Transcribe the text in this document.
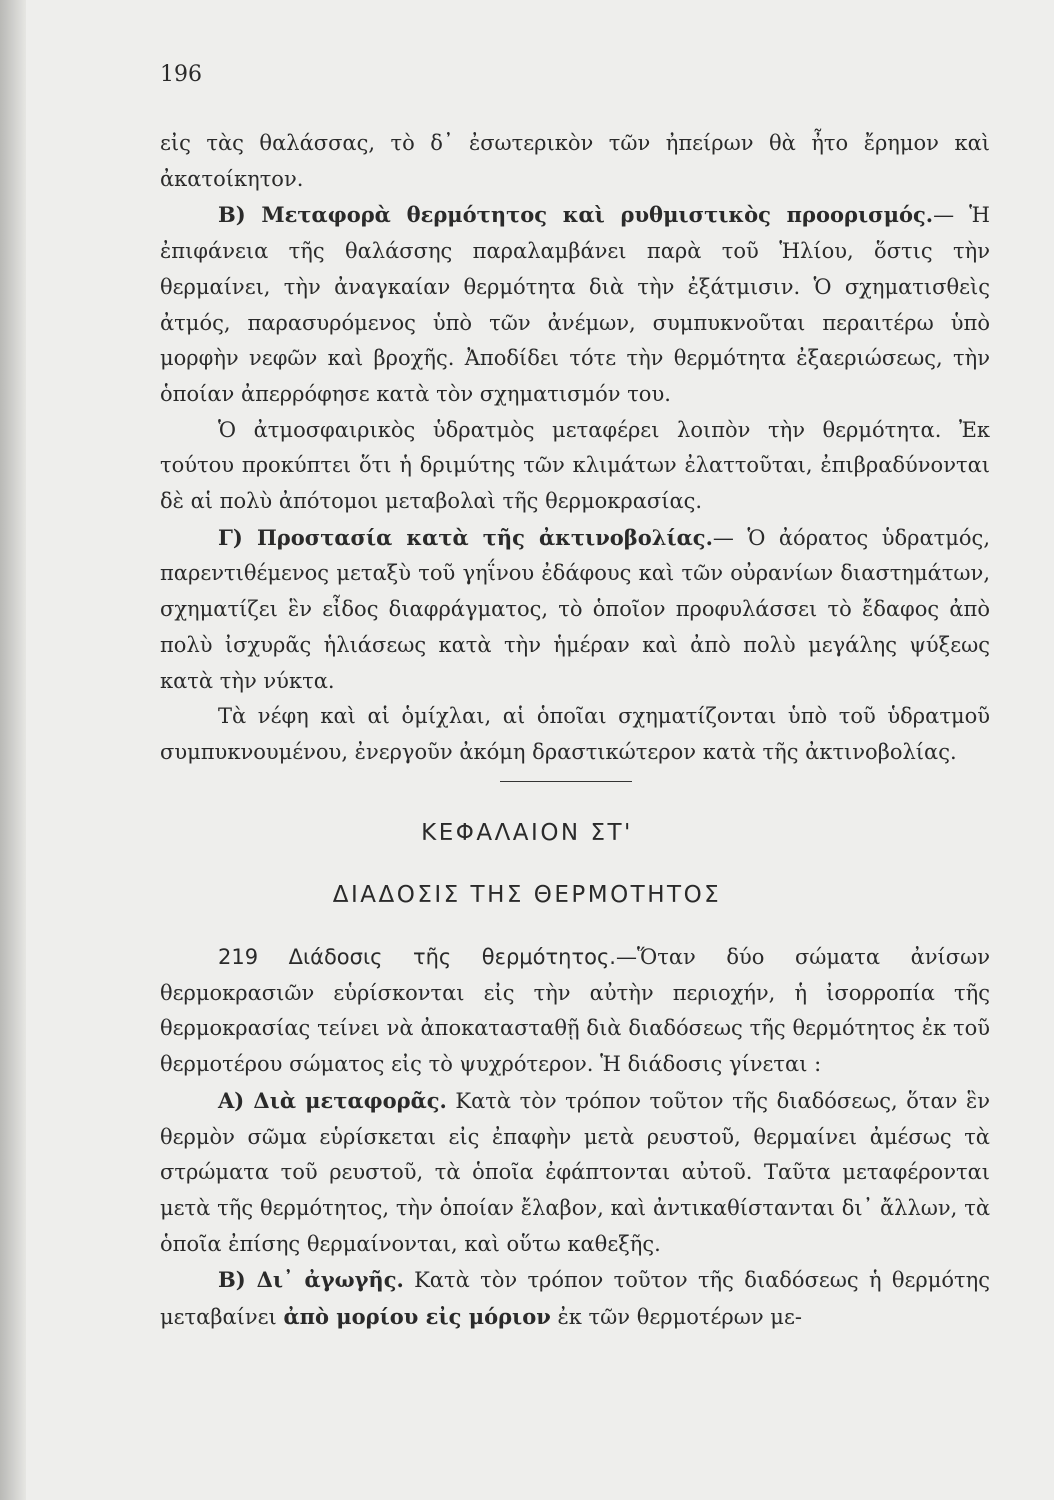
196

εἰς τὰς θαλάσσας, τὸ δ᾿ ἐσωτερικὸν τῶν ἠπείρων θὰ ἦτο ἔρημον καὶ ἀκατοίκητον.

Β) Μεταφορὰ θερμότητος καὶ ρυθμιστικὸς προορισμός.— Ἡ ἐπιφάνεια τῆς θαλάσσης παραλαμβάνει παρὰ τοῦ Ἡλίου, ὅστις τὴν θερμαίνει, τὴν ἀναγκαίαν θερμότητα διὰ τὴν ἐξάτμισιν. Ὁ σχηματισθεὶς ἀτμός, παρασυρόμενος ὑπὸ τῶν ἀνέμων, συμπυκνοῦται περαιτέρω ὑπὸ μορφὴν νεφῶν καὶ βροχῆς. Ἀποδίδει τότε τὴν θερμότητα ἐξαεριώσεως, τὴν ὁποίαν ἀπερρόφησε κατὰ τὸν σχηματισμόν του.

Ὁ ἀτμοσφαιρικὸς ὑδρατμὸς μεταφέρει λοιπὸν τὴν θερμότητα. Ἐκ τούτου προκύπτει ὅτι ἡ δριμύτης τῶν κλιμάτων ἐλαττοῦται, ἐπιβραδύνονται δὲ αἱ πολὺ ἀπότομοι μεταβολαὶ τῆς θερμοκρασίας.

Γ) Προστασία κατὰ τῆς ἀκτινοβολίας.— Ὁ ἀόρατος ὑδρατμός, παρεντιθέμενος μεταξὺ τοῦ γηΐνου ἐδάφους καὶ τῶν οὐρανίων διαστημάτων, σχηματίζει ἓν εἶδος διαφράγματος, τὸ ὁποῖον προφυλάσσει τὸ ἔδαφος ἀπὸ πολὺ ἰσχυρᾶς ἡλιάσεως κατὰ τὴν ἡμέραν καὶ ἀπὸ πολὺ μεγάλης ψύξεως κατὰ τὴν νύκτα.

Τὰ νέφη καὶ αἱ ὁμίχλαι, αἱ ὁποῖαι σχηματίζονται ὑπὸ τοῦ ὑδρατμοῦ συμπυκνουμένου, ἐνεργοῦν ἀκόμη δραστικώτερον κατὰ τῆς ἀκτινοβολίας.

ΚΕΦΑΛΑΙΟΝ ΣΤ'
ΔΙΑΔΟΣΙΣ ΤΗΣ ΘΕΡΜΟΤΗΤΟΣ

219 Διάδοσις τῆς θερμότητος.—Ὅταν δύο σώματα ἀνίσων θερμοκρασιῶν εὑρίσκονται εἰς τὴν αὐτὴν περιοχήν, ἡ ἰσορροπία τῆς θερμοκρασίας τείνει νὰ ἀποκατασταθῇ διὰ διαδόσεως τῆς θερμότητος ἐκ τοῦ θερμοτέρου σώματος εἰς τὸ ψυχρότερον. Ἡ διάδοσις γίνεται :

Α) Διὰ μεταφορᾶς. Κατὰ τὸν τρόπον τοῦτον τῆς διαδόσεως, ὅταν ἓν θερμὸν σῶμα εὑρίσκεται εἰς ἐπαφὴν μετὰ ρευστοῦ, θερμαίνει ἀμέσως τὰ στρώματα τοῦ ρευστοῦ, τὰ ὁποῖα ἐφάπτονται αὐτοῦ. Ταῦτα μεταφέρονται μετὰ τῆς θερμότητος, τὴν ὁποίαν ἔλαβον, καὶ ἀντικαθίστανται δι᾿ ἄλλων, τὰ ὁποῖα ἐπίσης θερμαίνονται, καὶ οὕτω καθεξῆς.

Β) Δι᾿ ἀγωγῆς. Κατὰ τὸν τρόπον τοῦτον τῆς διαδόσεως ἡ θερμότης μεταβαίνει ἀπὸ μορίου εἰς μόριον ἐκ τῶν θερμοτέρων με-
